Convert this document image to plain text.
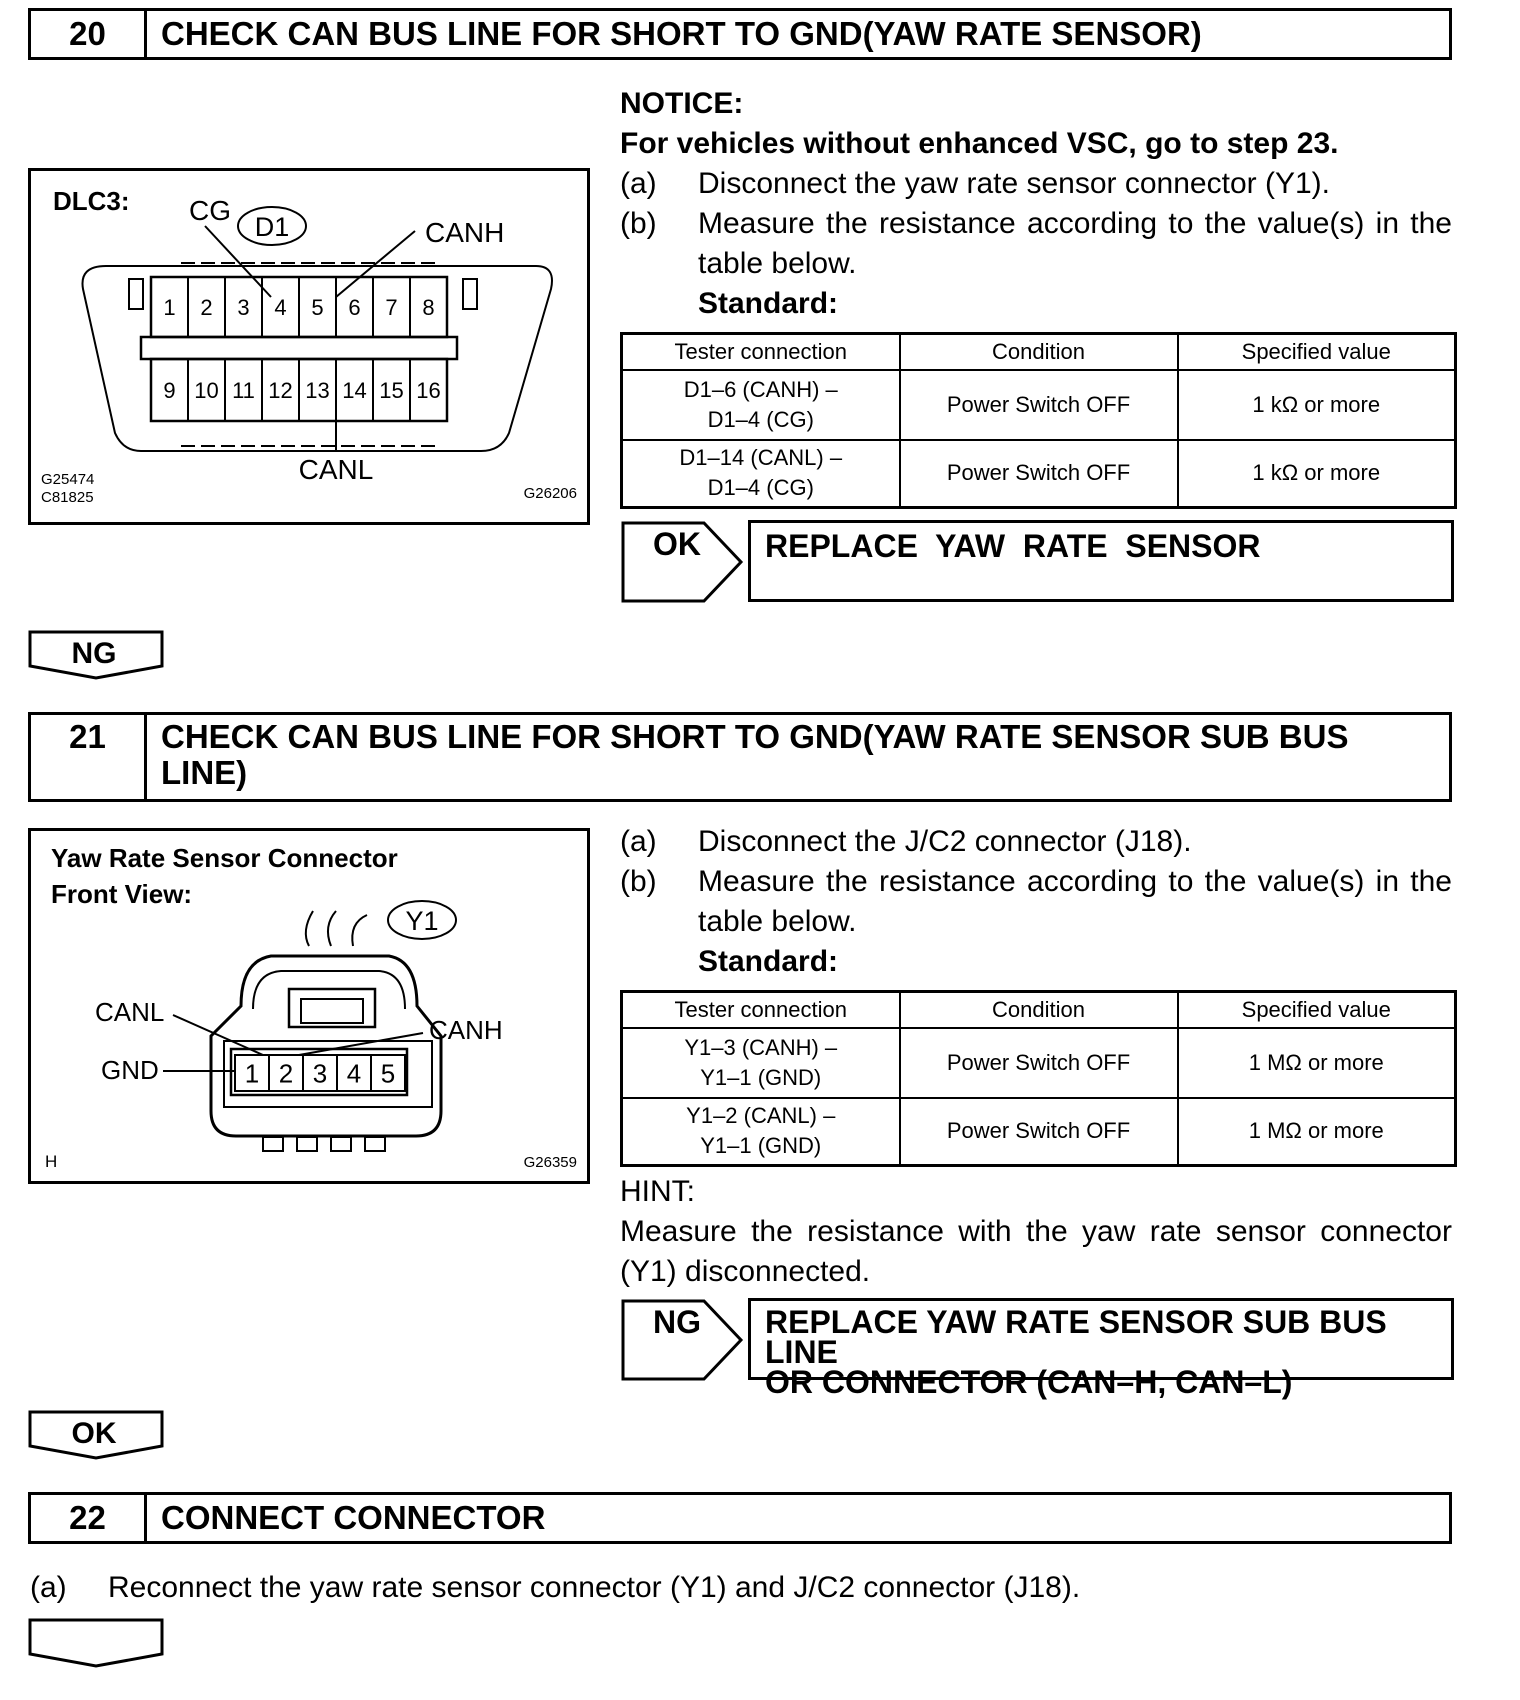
20	CHECK CAN BUS LINE FOR SHORT TO GND(YAW RATE SENSOR)
DLC3: CG
D1	CANH
1 2 3 4 5 6 7 8
9 10 11 12 13 14 15 16
CANL
G25474
C81825	G26206
NOTICE:
For vehicles without enhanced VSC, go to step 23.
(a) Disconnect the yaw rate sensor connector (Y1).
(b) Measure the resistance according to the value(s) in the
table below.
Standard:
Tester connection	Condition	Specified value
D1–6 (CANH) –
D1–4 (CG)	Power Switch OFF	1 kΩ or more
D1–14 (CANL) –
D1–4 (CG)	Power Switch OFF	1 kΩ or more
OK	REPLACE  YAW  RATE  SENSOR
NG
21	CHECK CAN BUS LINE FOR SHORT TO GND(YAW RATE SENSOR SUB BUS
LINE)
Yaw Rate Sensor Connector
Front View:
Y1
1 2 3 4 5
CANL
GND
CANH
H	G26359
(a) Disconnect the J/C2 connector (J18).
(b) Measure the resistance according to the value(s) in the
table below.
Standard:
Tester connection	Condition	Specified value
Y1–3 (CANH) –
Y1–1 (GND)	Power Switch OFF	1 MΩ or more
Y1–2 (CANL) –
Y1–1 (GND)	Power Switch OFF	1 MΩ or more
HINT:
Measure the resistance with the yaw rate sensor connector
(Y1) disconnected.
NG	REPLACE YAW RATE SENSOR SUB BUS LINE
OR CONNECTOR (CAN–H, CAN–L)
OK
22	CONNECT CONNECTOR
(a) Reconnect the yaw rate sensor connector (Y1) and J/C2 connector (J18).
